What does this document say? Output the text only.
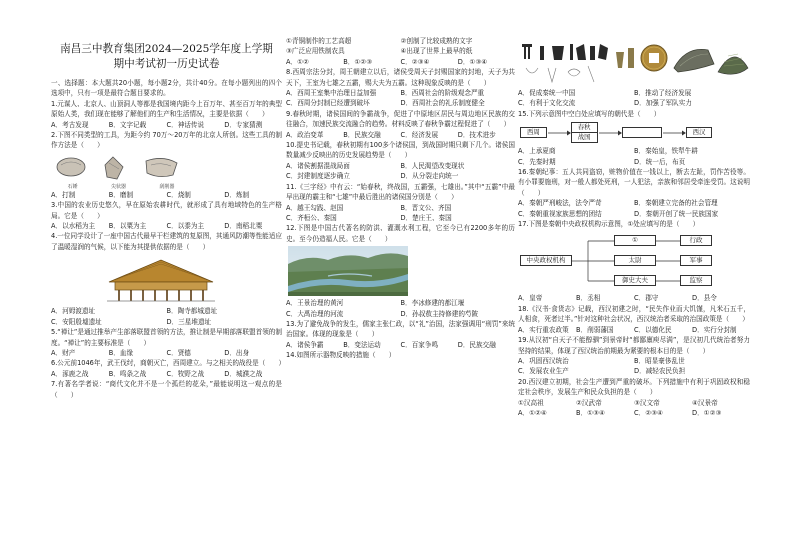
南昌三中教育集团2024—2025学年度上学期
期中考试初一历史试卷

一、选择题：本大题共20小题，每小题2分，共计40分。在每小题列出的四个选项中，只有一项是最符合题目要求的。

1.元谋人、北京人、山顶洞人等都是我国境内距今上百万年、甚至百万年的典型原始人类，我们现在能够了解他们的生产和生活情况，主要是依据（　　）

A．考古发现	B．文字记载	C．神话传说	D．专家猜测

2.下图不同类型的工具，为距今约 70万～20万年的北京人所创。这些工具的制作方法是（　　）

石锤	尖状器	刮削器
A．打制	B．磨制	C．烧制	D．炼制

3.中国的农业历史悠久，早在原始农耕时代，就形成了具有地域特色的生产格局。它是（　　）

A．以水稻为主	B．以粟为主	C．以黍为主	D．南稻北粟

4.一位同学设计了一座中国古代最早干栏建筑的复原图，其通风防潮等性能适应了温暖湿润的气候，以下能为其提供依据的是（　　）

A．河姆渡遗址	B．陶寺都城遗址
C．安阳殷墟遗址	D．三星堆遗址

5.“禅让”是通过推举产生部落联盟首领的方法，推让制是早期部落联盟首领的制度。“禅让”的主要标准是（　　）

A．财产	B．血缘	C．贤德	D．出身

6.公元前1046年，武王伐纣，商朝灭亡，西周建立。与之相关的战役是（　　）

A．涿鹿之战	B．鸣条之战	C．牧野之战	D．城濮之战

7.有著名学者说：“商代文化并不是一个孤烂的花朵，”最能说明这一观点的是（　　）

①青铜制作的工艺高超	②创制了比较成熟的文字
③广泛应用铁制农具	④出现了世界上最早的纸
A．①②	B．①②③	C．②③④	D．①③④

8.西周宗法分封，周王朝建立以后，诸侯受周天子封赐国家的封地，天子为共天下，王室为七雄之五霸，赐大夫为五霸。这种现象反映的是（　　）

A．西周王室集中治理日益加强	B．西周社会的阶级观念严重
C．西周分封制已经遭到破坏	D．西周社会的礼乐制度健全

9.春秋时期，诸侯国间的争霸战争，促进了中原地区居民与周边地区民族的交往融合，加速民族交流融合的趋势。材料反映了春秋争霸过程促进了（　　）

A．政治变革	B．民族交融	C．经济发展	D．技术进步

10.提史书记载，春秋初期有100多个诸侯国，到战国时期只剩下几个。诸侯国数量减少反映出的历史发展趋势是（　　）

A．诸侯割据混战局面	B．人民渴望改变现状
C．封建制度逐步确立	D．从分裂走向统一

11.《三字经》中有云：“始春秋，终战国，五霸强，七雄出。”其中“五霸”中最早出现的霸主和“七雄”中最后胜出的诸侯国分别是（　　）

A．越王勾践、赵国	B．晋文公、齐国
C．齐桓公、秦国	D．楚庄王、秦国

12.下图是中国古代著名的防洪、灌溉水利工程，它至今已有2200多年的历史。至今仍造福人民。它是（　　）

A．王景治理的黄河	B．李冰修建的都江堰
C．大禹治理的河流	D．孙叔敖主持修建的芍陂

13.为了避免战争的发生，儒家主张仁政，以“礼”治国，法家强调用“刑罚”来统治国家。体现的现象是（　　）

A．诸侯争霸	B．变法运动	C．百家争鸣	D．民族交融

14.如图所示器物反映的措施（　　）

A．促成秦统一中国	B．推动了经济发展
C．有利于文化交流	D．加强了军队实力

15.下列示意图中空白处应填写的朝代是（　　）

西周
春秋
战国
西汉
A．上承夏商	B．秦始皇，铁犁牛耕
C．先秦时期	D．统一后，布页

16.秦朝纪事：五人共同盗窃，赃物价值在一钱以上，断去左趾，罚作苦役等。有小罪要施刑，对一般人都处死刑，一人犯法，亲族和邻居受牵连受罚。这说明（　　）

A．秦朝严刑峻法，法令严苛	B．秦朝建立完备的社会管理
C．秦朝重视家族思想的团结	D．秦朝开创了统一民族国家

17.下图是秦朝中央政权机构示意图，①处应填写的是（　　）

中央政权机构
①
太尉
御史大夫
行政
军事
监察
A．皇帝	B．丞相	C．郡守	D．县令

18.《汉书·食货志》记载，西汉初建之时，“民失作业而大饥馑，凡米石五千，人相食，死者过半。”针对这种社会状况，西汉统治者采取的治国政策是（　　）

A．实行重农政策	B．削弱藩国	C．以德化民	D．实行分封制

19.从汉初“自天子不能醇驷”到景帝时“都鄙廪庾尽满”，是汉初几代统治者努力坚持的结果，体现了西汉统治前期最为紧要的根本目的是（　　）

A．巩固西汉统治	B．昭显豪侈乱世
C．发展农业生产	D．减轻农民负担

20.西汉建立初期，社会生产遭到严重的破坏。下列措施中有利于巩固政权和稳定社会秩序，发展生产和民众负担的是（　　）

①汉高祖	②汉武帝	③汉文帝	④汉景帝
A．①②④	B．①③④	C．②③④	D．①②③
